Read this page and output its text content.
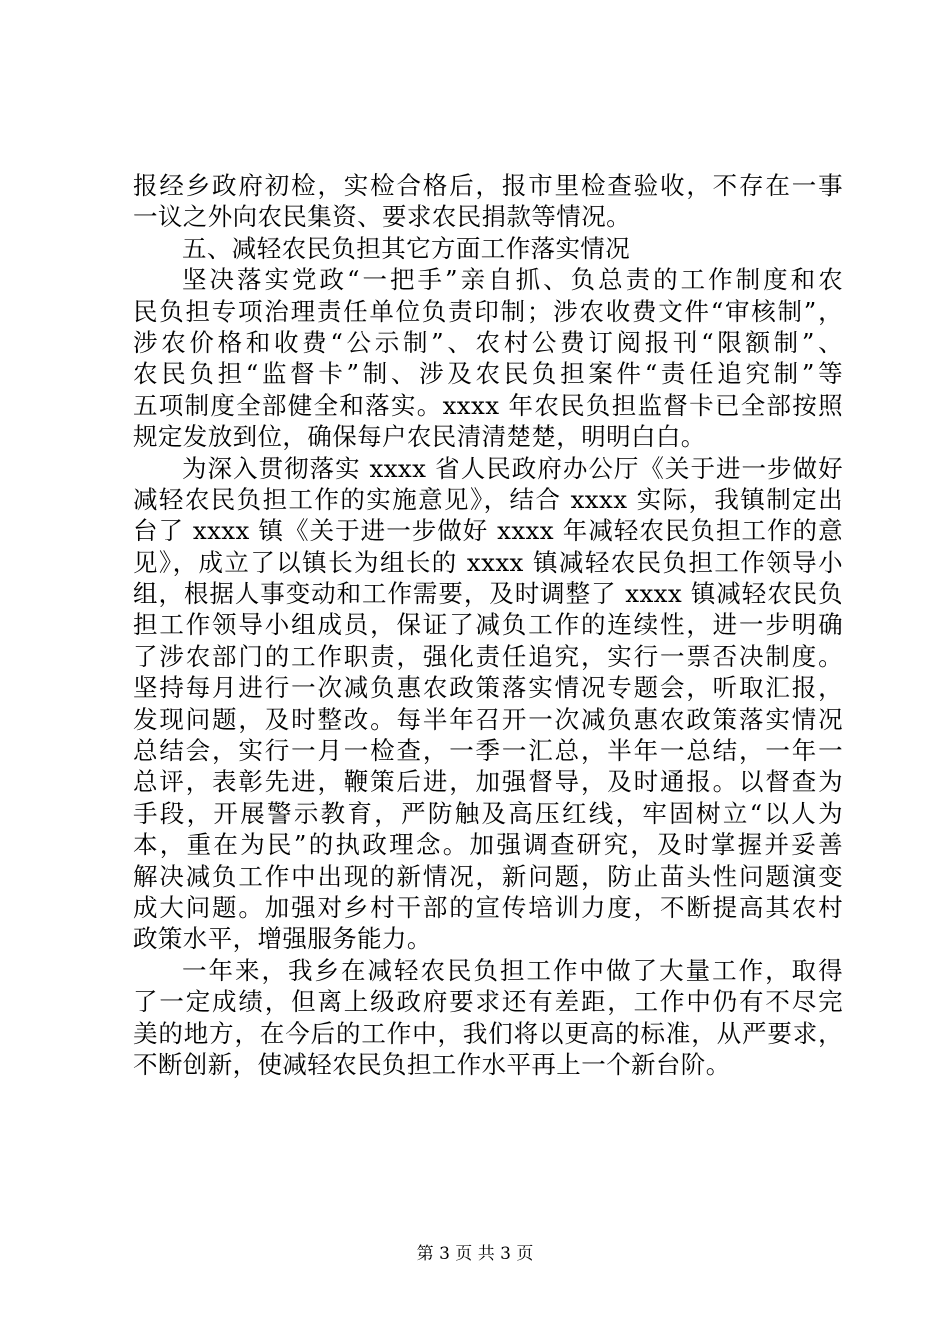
报经乡政府初检，实检合格后，报市里检查验收，不存在一事
一议之外向农民集资、要求农民捐款等情况。
五、减轻农民负担其它方面工作落实情况
坚决落实党政“一把手”亲自抓、负总责的工作制度和农
民负担专项治理责任单位负责印制；涉农收费文件“审核制”，
涉农价格和收费“公示制”、农村公费订阅报刊“限额制”、
农民负担“监督卡”制、涉及农民负担案件“责任追究制”等
五项制度全部健全和落实。xxxx 年农民负担监督卡已全部按照
规定发放到位，确保每户农民清清楚楚，明明白白。
为深入贯彻落实 xxxx 省人民政府办公厅《关于进一步做好
减轻农民负担工作的实施意见》，结合 xxxx 实际，我镇制定出
台了 xxxx 镇《关于进一步做好 xxxx 年减轻农民负担工作的意
见》，成立了以镇长为组长的 xxxx 镇减轻农民负担工作领导小
组，根据人事变动和工作需要，及时调整了 xxxx 镇减轻农民负
担工作领导小组成员，保证了减负工作的连续性，进一步明确
了涉农部门的工作职责，强化责任追究，实行一票否决制度。
坚持每月进行一次减负惠农政策落实情况专题会，听取汇报，
发现问题，及时整改。每半年召开一次减负惠农政策落实情况
总结会，实行一月一检查，一季一汇总，半年一总结，一年一
总评，表彰先进，鞭策后进，加强督导，及时通报。以督查为
手段，开展警示教育，严防触及高压红线，牢固树立“以人为
本，重在为民”的执政理念。加强调查研究，及时掌握并妥善
解决减负工作中出现的新情况，新问题，防止苗头性问题演变
成大问题。加强对乡村干部的宣传培训力度，不断提高其农村
政策水平，增强服务能力。
一年来，我乡在减轻农民负担工作中做了大量工作，取得
了一定成绩，但离上级政府要求还有差距，工作中仍有不尽完
美的地方，在今后的工作中，我们将以更高的标准，从严要求，
不断创新，使减轻农民负担工作水平再上一个新台阶。
第 3 页 共 3 页
